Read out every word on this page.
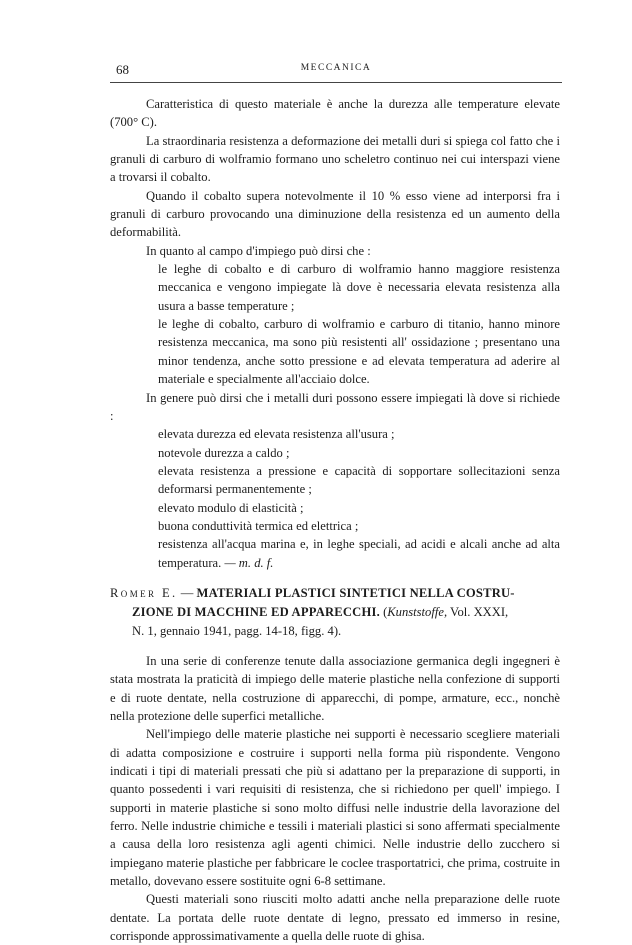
68	MECCANICA

Caratteristica di questo materiale è anche la durezza alle temperature elevate (700° C).

La straordinaria resistenza a deformazione dei metalli duri si spiega col fatto che i granuli di carburo di wolframio formano uno scheletro continuo nei cui interspazi viene a trovarsi il cobalto.

Quando il cobalto supera notevolmente il 10 % esso viene ad interporsi fra i granuli di carburo provocando una diminuzione della resistenza ed un aumento della deformabilità.

In quanto al campo d'impiego può dirsi che :

le leghe di cobalto e di carburo di wolframio hanno maggiore resistenza meccanica e vengono impiegate là dove è necessaria elevata resistenza alla usura a basse temperature ;

le leghe di cobalto, carburo di wolframio e carburo di titanio, hanno minore resistenza meccanica, ma sono più resistenti all' ossidazione ; presentano una minor tendenza, anche sotto pressione e ad elevata temperatura ad aderire al materiale e specialmente all'acciaio dolce.

In genere può dirsi che i metalli duri possono essere impiegati là dove si richiede :

elevata durezza ed elevata resistenza all'usura ;

notevole durezza a caldo ;

elevata resistenza a pressione e capacità di sopportare sollecitazioni senza deformarsi permanentemente ;

elevato modulo di elasticità ;

buona conduttività termica ed elettrica ;

resistenza all'acqua marina e, in leghe speciali, ad acidi e alcali anche ad alta temperatura. — m. d. f.

Romer E. — MATERIALI PLASTICI SINTETICI NELLA COSTRU-
ZIONE DI MACCHINE ED APPARECCHI. (Kunststoffe, Vol. XXXI,
N. 1, gennaio 1941, pagg. 14-18, figg. 4).

In una serie di conferenze tenute dalla associazione germanica degli ingegneri è stata mostrata la praticità di impiego delle materie plastiche nella confezione di supporti e di ruote dentate, nella costruzione di apparecchi, di pompe, armature, ecc., nonchè nella protezione delle superfici metalliche.

Nell'impiego delle materie plastiche nei supporti è necessario scegliere materiali di adatta composizione e costruire i supporti nella forma più rispondente. Vengono indicati i tipi di materiali pressati che più si adattano per la preparazione di supporti, in quanto possedenti i vari requisiti di resistenza, che si richiedono per quell' impiego. I supporti in materie plastiche si sono molto diffusi nelle industrie della lavorazione del ferro. Nelle industrie chimiche e tessili i materiali plastici si sono affermati specialmente a causa della loro resistenza agli agenti chimici. Nelle industrie dello zucchero si impiegano materie plastiche per fabbricare le coclee trasportatrici, che prima, costruite in metallo, dovevano essere sostituite ogni 6-8 settimane.

Questi materiali sono riusciti molto adatti anche nella preparazione delle ruote dentate. La portata delle ruote dentate di legno, pressato ed immerso in resine, corrisponde approssimativamente a quella delle ruote di ghisa.
